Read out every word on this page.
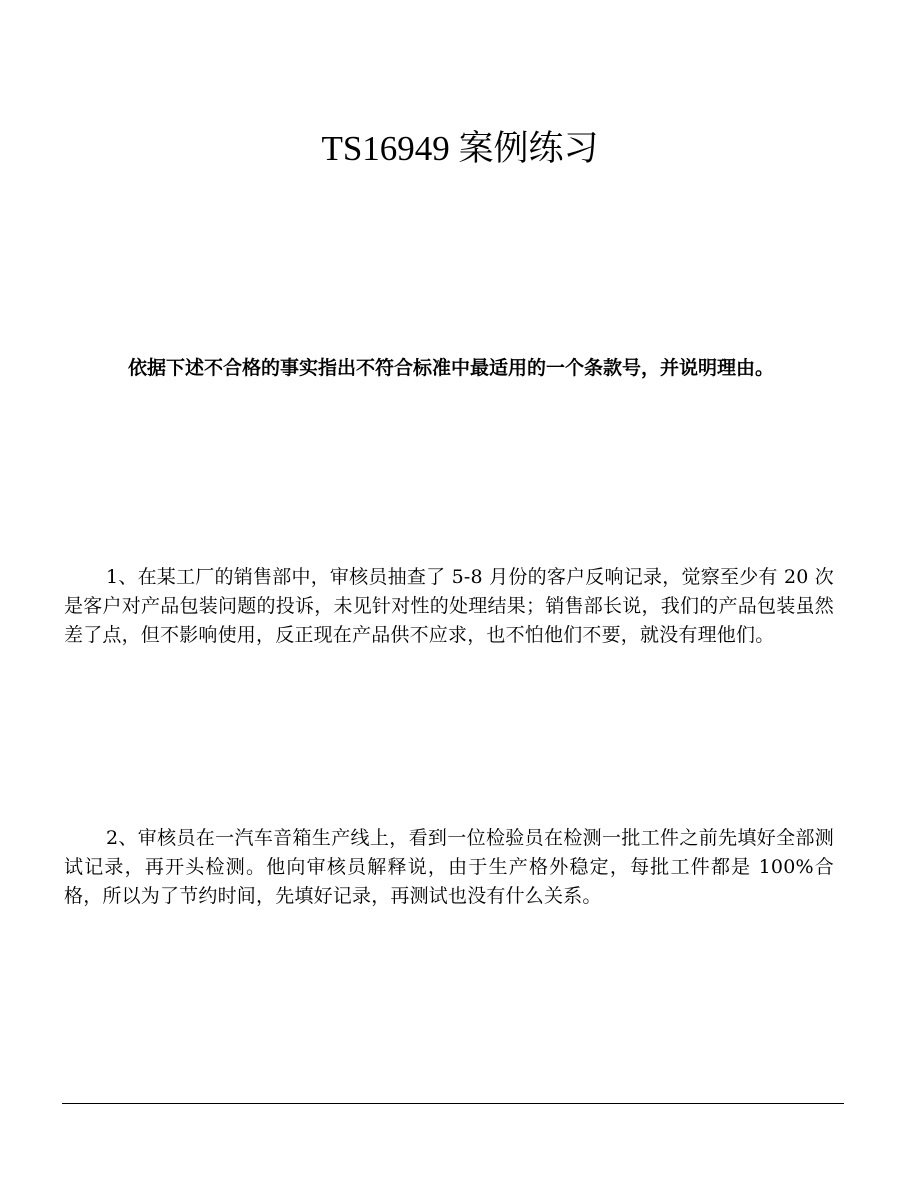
TS16949 案例练习

依据下述不合格的事实指出不符合标准中最适用的一个条款号，并说明理由。

1、在某工厂的销售部中，审核员抽查了 5-8 月份的客户反响记录，觉察至少有 20 次是客户对产品包装问题的投诉，未见针对性的处理结果；销售部长说，我们的产品包装虽然差了点，但不影响使用，反正现在产品供不应求，也不怕他们不要，就没有理他们。

2、审核员在一汽车音箱生产线上，看到一位检验员在检测一批工件之前先填好全部测试记录，再开头检测。他向审核员解释说，由于生产格外稳定，每批工件都是 100%合格，所以为了节约时间，先填好记录，再测试也没有什么关系。
